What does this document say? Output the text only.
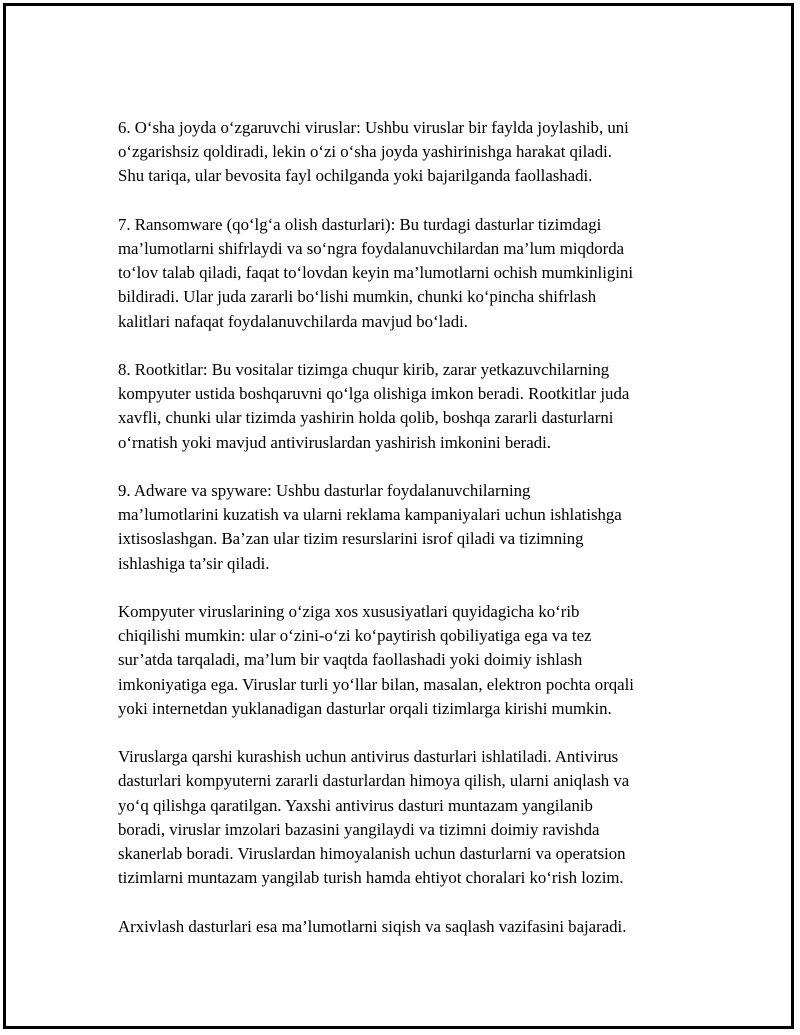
6. O‘sha joyda o‘zgaruvchi viruslar: Ushbu viruslar bir faylda joylashib, uni
o‘zgarishsiz qoldiradi, lekin o‘zi o‘sha joyda yashirinishga harakat qiladi.
Shu tariqa, ular bevosita fayl ochilganda yoki bajarilganda faollashadi.

7. Ransomware (qo‘lg‘a olish dasturlari): Bu turdagi dasturlar tizimdagi
ma’lumotlarni shifrlaydi va so‘ngra foydalanuvchilardan ma’lum miqdorda
to‘lov talab qiladi, faqat to‘lovdan keyin ma’lumotlarni ochish mumkinligini
bildiradi. Ular juda zararli bo‘lishi mumkin, chunki ko‘pincha shifrlash
kalitlari nafaqat foydalanuvchilarda mavjud bo‘ladi.

8. Rootkitlar: Bu vositalar tizimga chuqur kirib, zarar yetkazuvchilarning
kompyuter ustida boshqaruvni qo‘lga olishiga imkon beradi. Rootkitlar juda
xavfli, chunki ular tizimda yashirin holda qolib, boshqa zararli dasturlarni
o‘rnatish yoki mavjud antiviruslardan yashirish imkonini beradi.

9. Adware va spyware: Ushbu dasturlar foydalanuvchilarning
ma’lumotlarini kuzatish va ularni reklama kampaniyalari uchun ishlatishga
ixtisoslashgan. Ba’zan ular tizim resurslarini isrof qiladi va tizimning
ishlashiga ta’sir qiladi.

Kompyuter viruslarining o‘ziga xos xususiyatlari quyidagicha ko‘rib
chiqilishi mumkin: ular o‘zini-o‘zi ko‘paytirish qobiliyatiga ega va tez
sur’atda tarqaladi, ma’lum bir vaqtda faollashadi yoki doimiy ishlash
imkoniyatiga ega. Viruslar turli yo‘llar bilan, masalan, elektron pochta orqali
yoki internetdan yuklanadigan dasturlar orqali tizimlarga kirishi mumkin.

Viruslarga qarshi kurashish uchun antivirus dasturlari ishlatiladi. Antivirus
dasturlari kompyuterni zararli dasturlardan himoya qilish, ularni aniqlash va
yo‘q qilishga qaratilgan. Yaxshi antivirus dasturi muntazam yangilanib
boradi, viruslar imzolari bazasini yangilaydi va tizimni doimiy ravishda
skanerlab boradi. Viruslardan himoyalanish uchun dasturlarni va operatsion
tizimlarni muntazam yangilab turish hamda ehtiyot choralari ko‘rish lozim.

Arxivlash dasturlari esa ma’lumotlarni siqish va saqlash vazifasini bajaradi.
